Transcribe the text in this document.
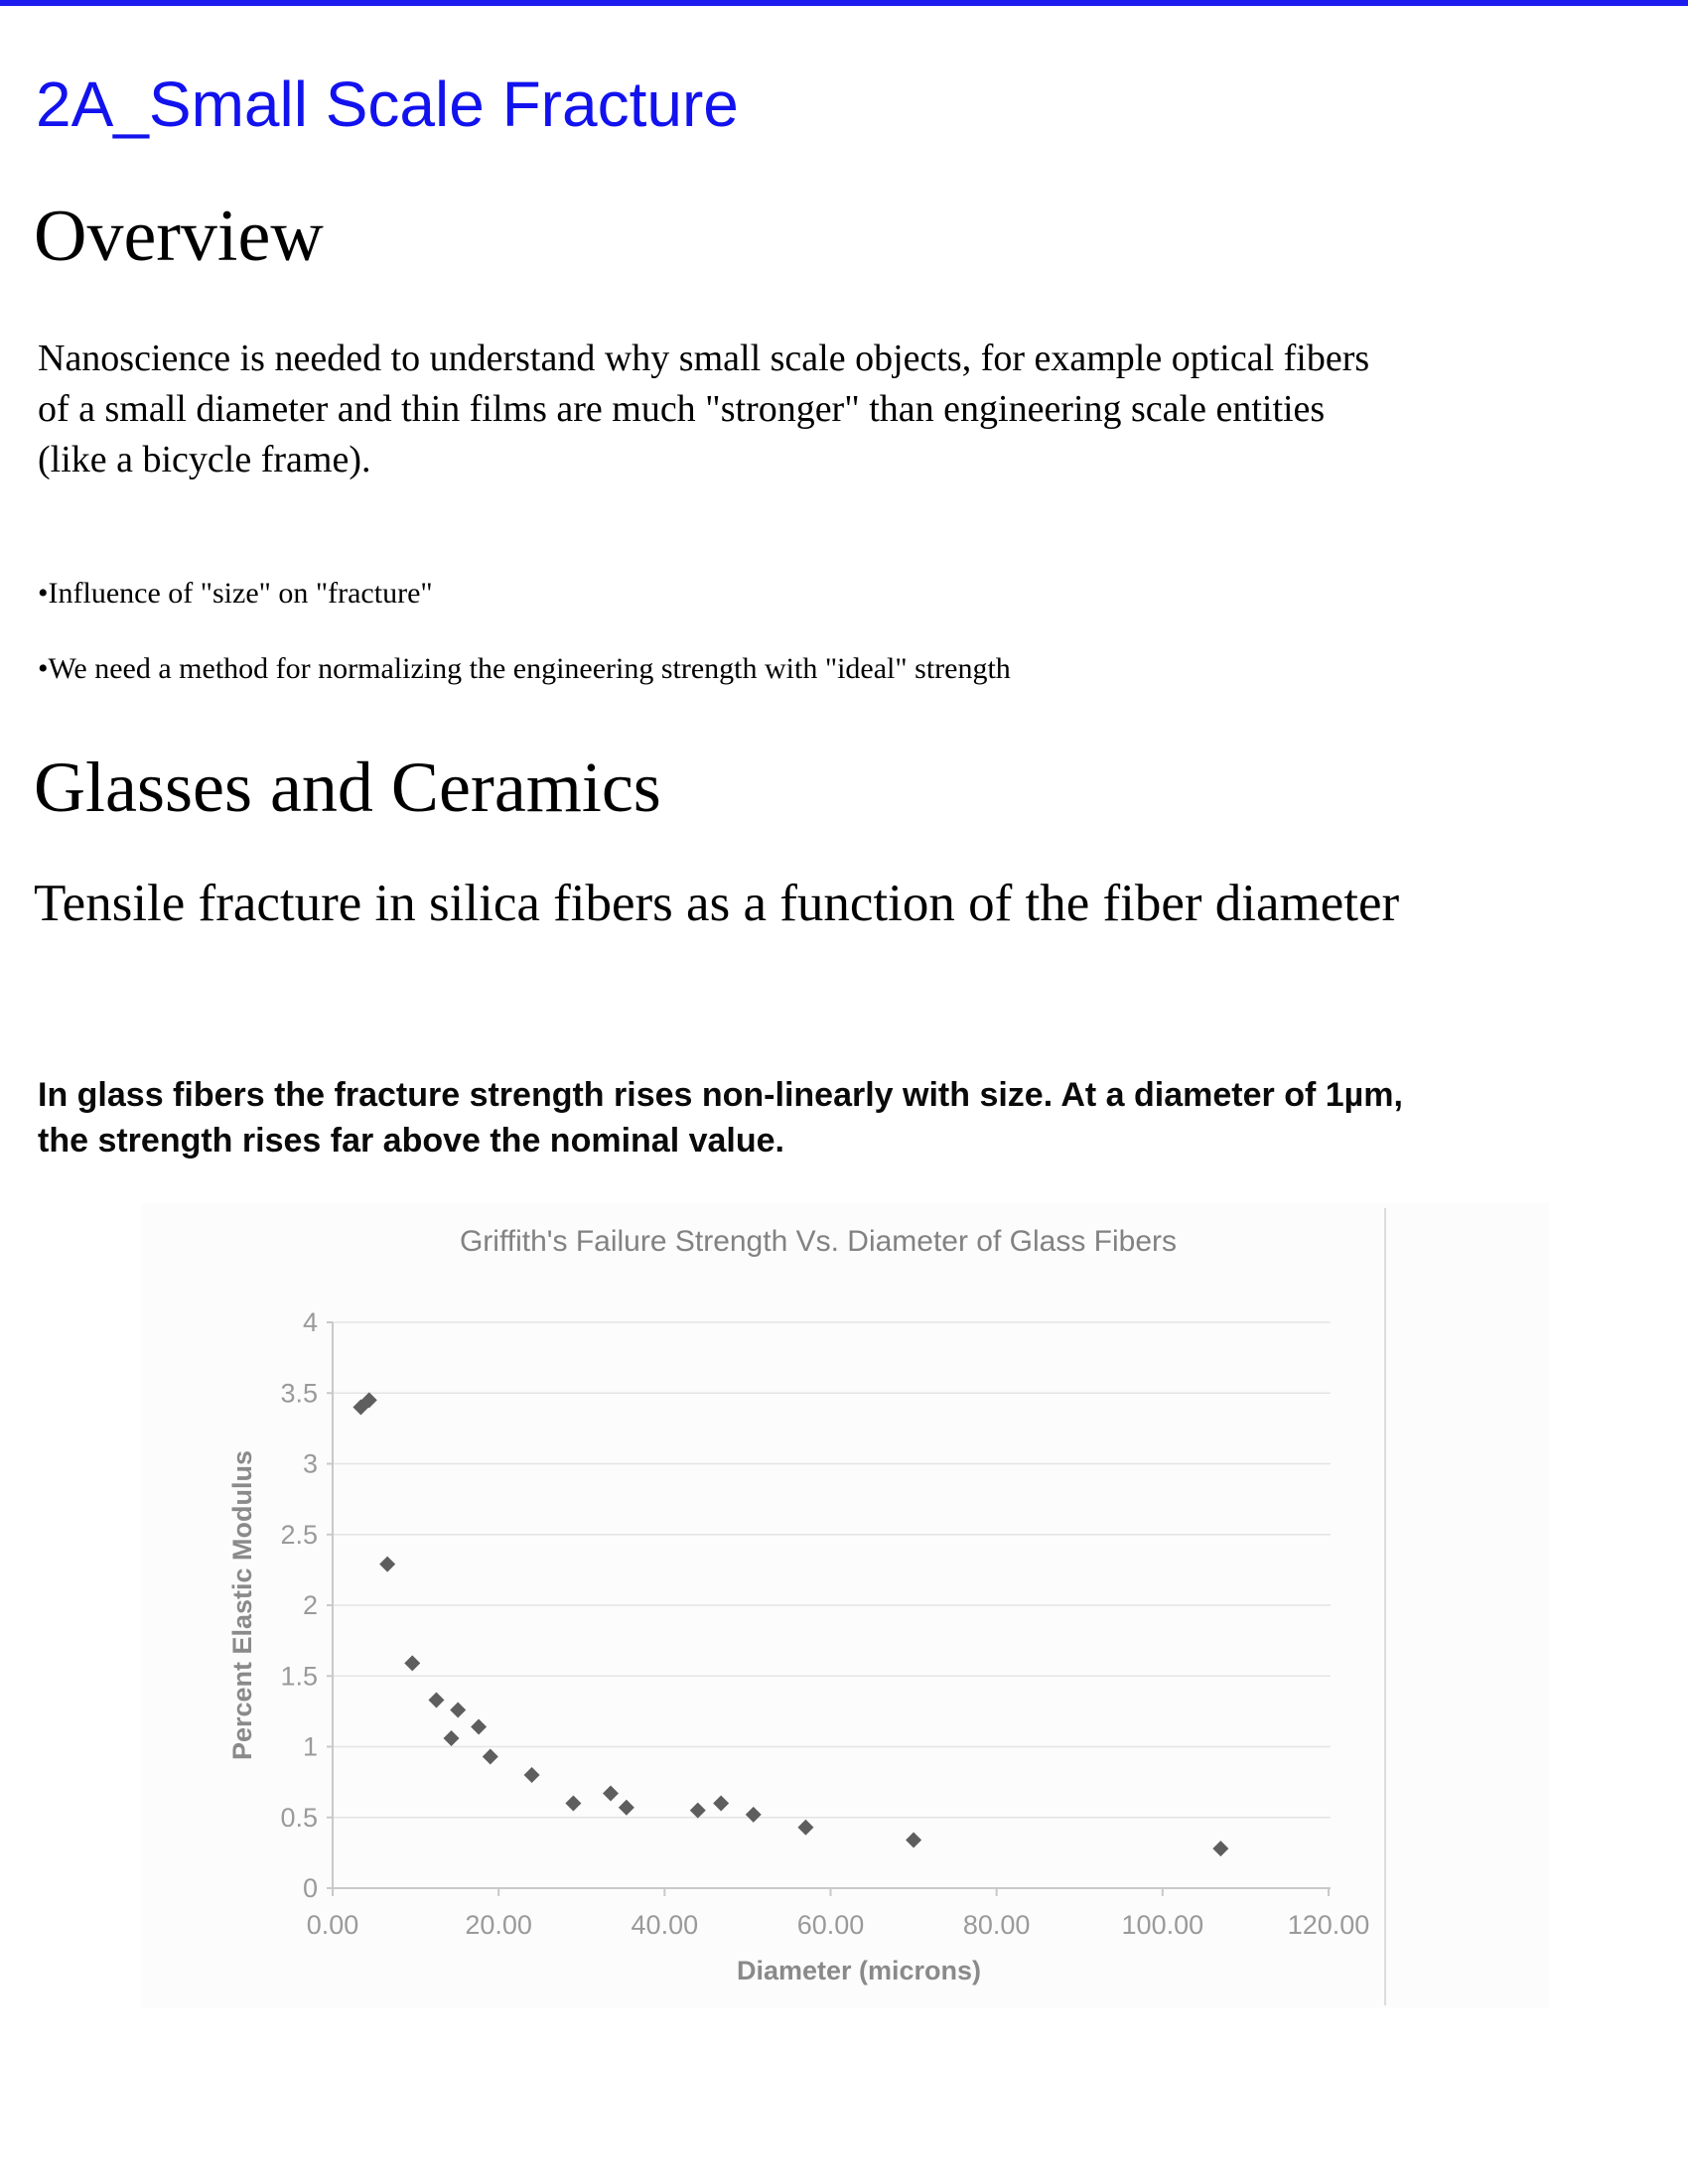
2A_Small Scale Fracture
Overview
Nanoscience is needed to understand why small scale objects, for example optical fibers
of a small diameter and thin films are much "stronger" than engineering scale entities
(like a bicycle frame).
•Influence of "size" on "fracture"
•We need a method for normalizing the engineering strength with "ideal" strength
Glasses and Ceramics
Tensile fracture in silica fibers as a function of the fiber diameter
In glass fibers the fracture strength rises non-linearly with size. At a diameter of 1µm,
the strength rises far above the nominal value.
0.00	20.00	40.00	60.00	80.00	100.00	120.00
0
0.5
1
1.5
2
2.5
3
3.5
4
Griffith's Failure Strength Vs. Diameter of Glass Fibers
Diameter (microns)
Percent Elastic Modulus
